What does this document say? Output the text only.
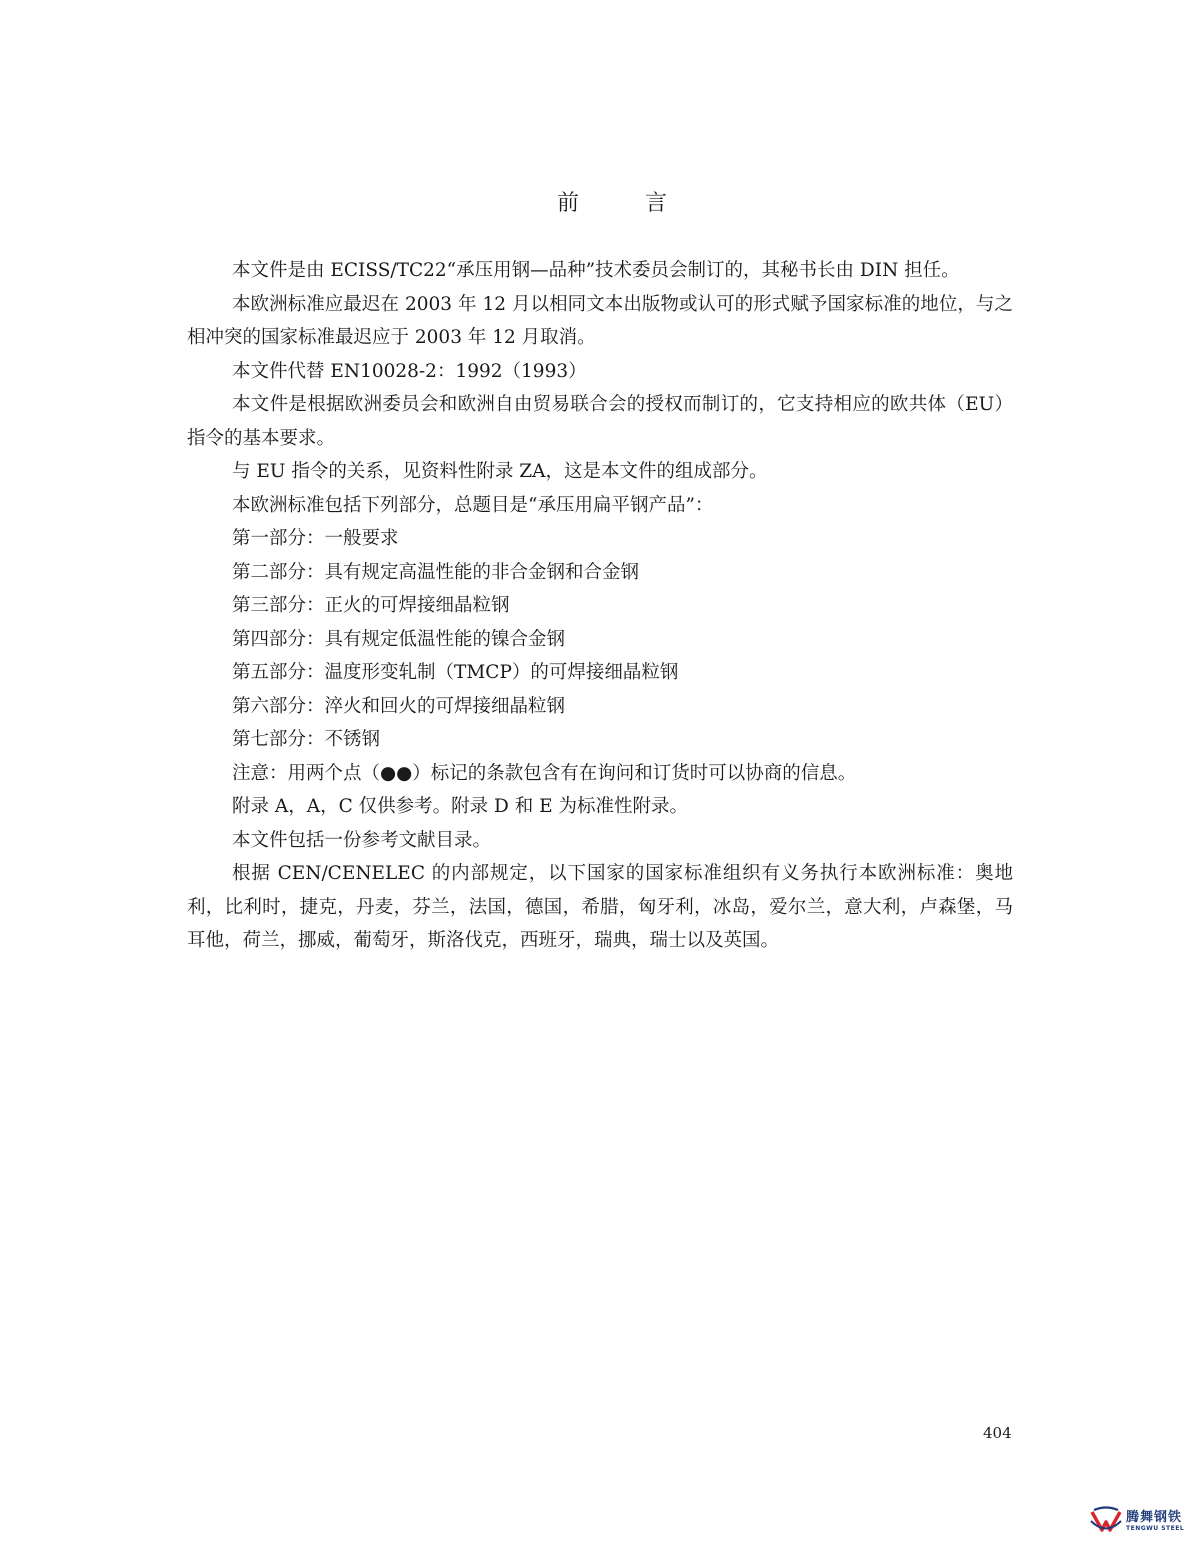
前　言

本文件是由 ECISS/TC22“承压用钢—品种”技术委员会制订的，其秘书长由 DIN 担任。

本欧洲标准应最迟在 2003 年 12 月以相同文本出版物或认可的形式赋予国家标准的地位，与之相冲突的国家标准最迟应于 2003 年 12 月取消。

本文件代替 EN10028-2：1992（1993）

本文件是根据欧洲委员会和欧洲自由贸易联合会的授权而制订的，它支持相应的欧共体（EU）指令的基本要求。

与 EU 指令的关系，见资料性附录 ZA，这是本文件的组成部分。

本欧洲标准包括下列部分，总题目是“承压用扁平钢产品”：

第一部分：一般要求

第二部分：具有规定高温性能的非合金钢和合金钢

第三部分：正火的可焊接细晶粒钢

第四部分：具有规定低温性能的镍合金钢

第五部分：温度形变轧制（TMCP）的可焊接细晶粒钢

第六部分：淬火和回火的可焊接细晶粒钢

第七部分：不锈钢

注意：用两个点（●●）标记的条款包含有在询问和订货时可以协商的信息。

附录 A，A，C 仅供参考。附录 D 和 E 为标准性附录。

本文件包括一份参考文献目录。

根据 CEN/CENELEC 的内部规定，以下国家的国家标准组织有义务执行本欧洲标准：奥地利，比利时，捷克，丹麦，芬兰，法国，德国，希腊，匈牙利，冰岛，爱尔兰，意大利，卢森堡，马耳他，荷兰，挪威，葡萄牙，斯洛伐克，西班牙，瑞典，瑞士以及英国。

404
腾舞钢铁
TENGWU STEEL
